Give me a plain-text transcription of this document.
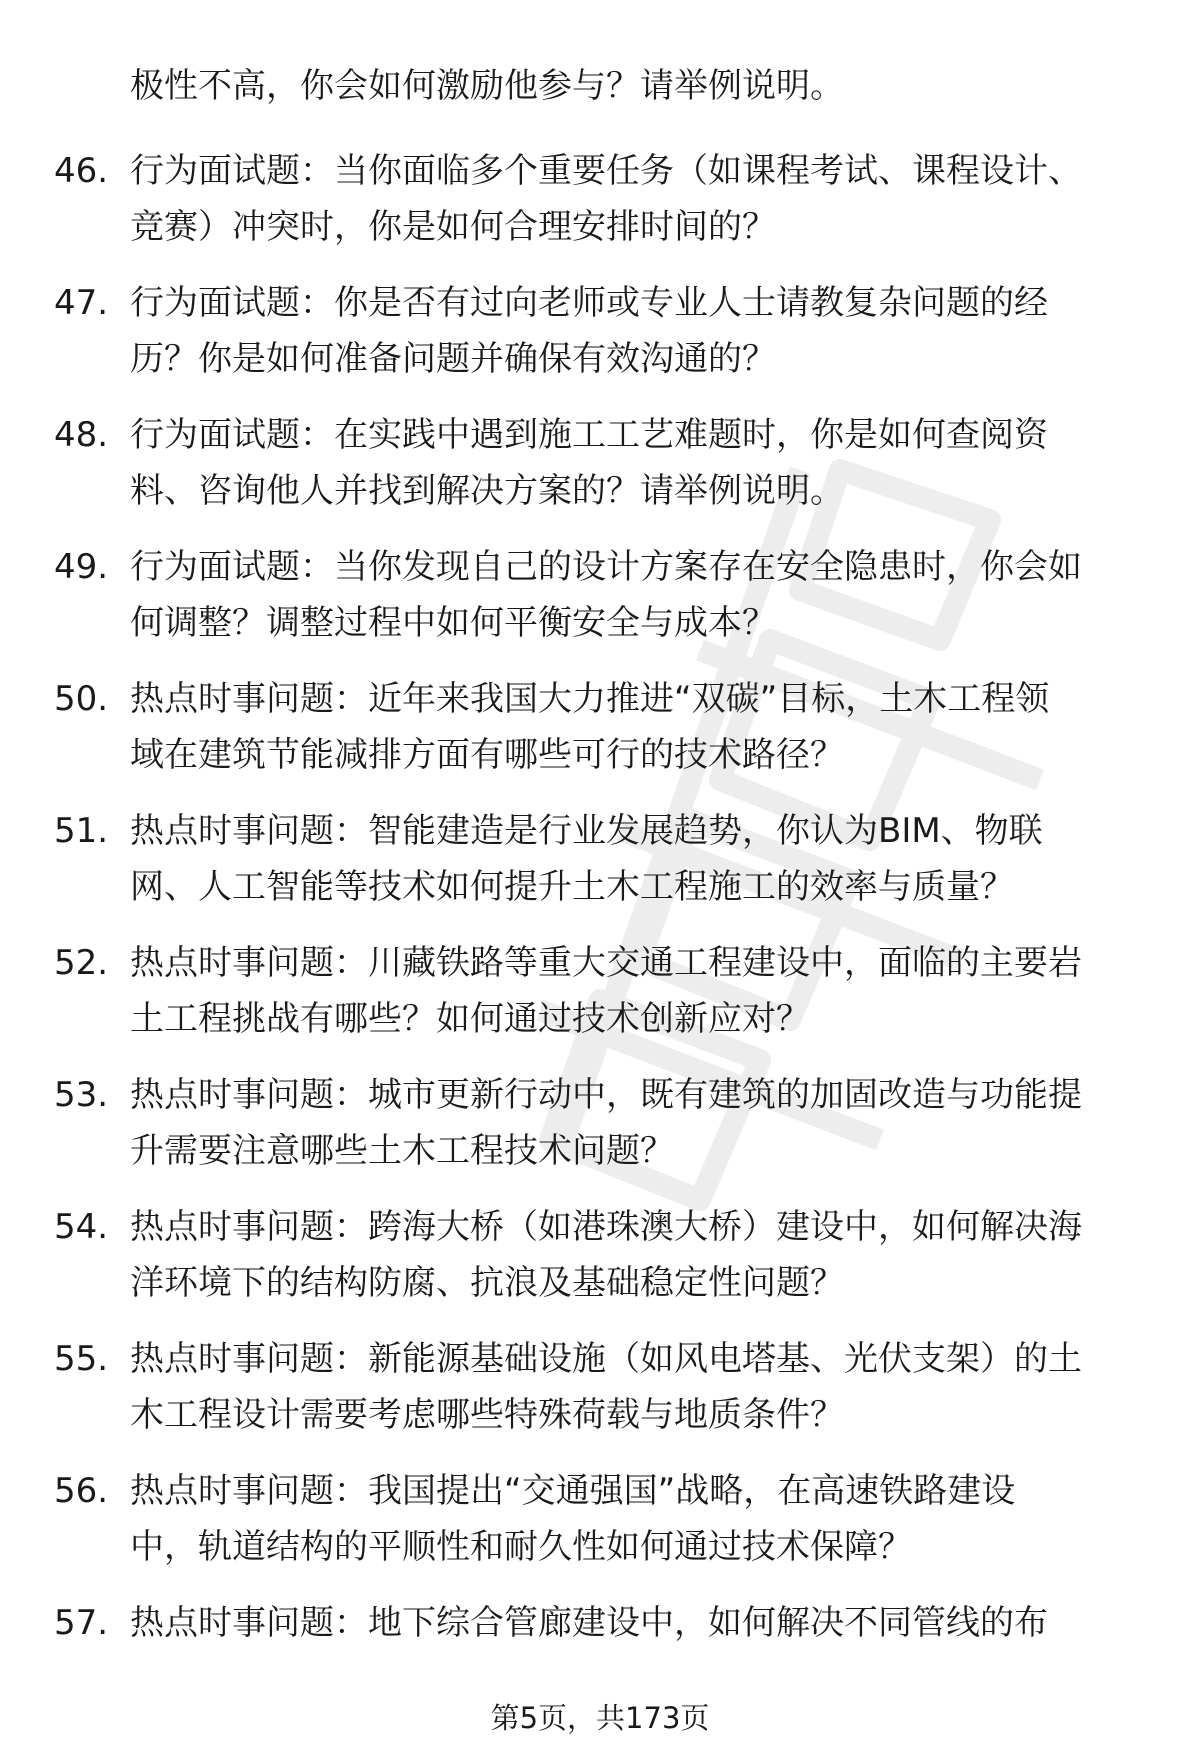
极性不高，你会如何激励他参与？请举例说明。
46. 行为面试题：当你面临多个重要任务（如课程考试、课程设计、
竞赛）冲突时，你是如何合理安排时间的？
47. 行为面试题：你是否有过向老师或专业人士请教复杂问题的经
历？你是如何准备问题并确保有效沟通的？
48. 行为面试题：在实践中遇到施工工艺难题时，你是如何查阅资
料、咨询他人并找到解决方案的？请举例说明。
49. 行为面试题：当你发现自己的设计方案存在安全隐患时，你会如
何调整？调整过程中如何平衡安全与成本？
50. 热点时事问题：近年来我国大力推进“双碳”目标，土木工程领
域在建筑节能减排方面有哪些可行的技术路径？
51. 热点时事问题：智能建造是行业发展趋势，你认为BIM、物联
网、人工智能等技术如何提升土木工程施工的效率与质量？
52. 热点时事问题：川藏铁路等重大交通工程建设中，面临的主要岩
土工程挑战有哪些？如何通过技术创新应对？
53. 热点时事问题：城市更新行动中，既有建筑的加固改造与功能提
升需要注意哪些土木工程技术问题？
54. 热点时事问题：跨海大桥（如港珠澳大桥）建设中，如何解决海
洋环境下的结构防腐、抗浪及基础稳定性问题？
55. 热点时事问题：新能源基础设施（如风电塔基、光伏支架）的土
木工程设计需要考虑哪些特殊荷载与地质条件？
56. 热点时事问题：我国提出“交通强国”战略，在高速铁路建设
中，轨道结构的平顺性和耐久性如何通过技术保障？
57. 热点时事问题：地下综合管廊建设中，如何解决不同管线的布
第5页，共173页
